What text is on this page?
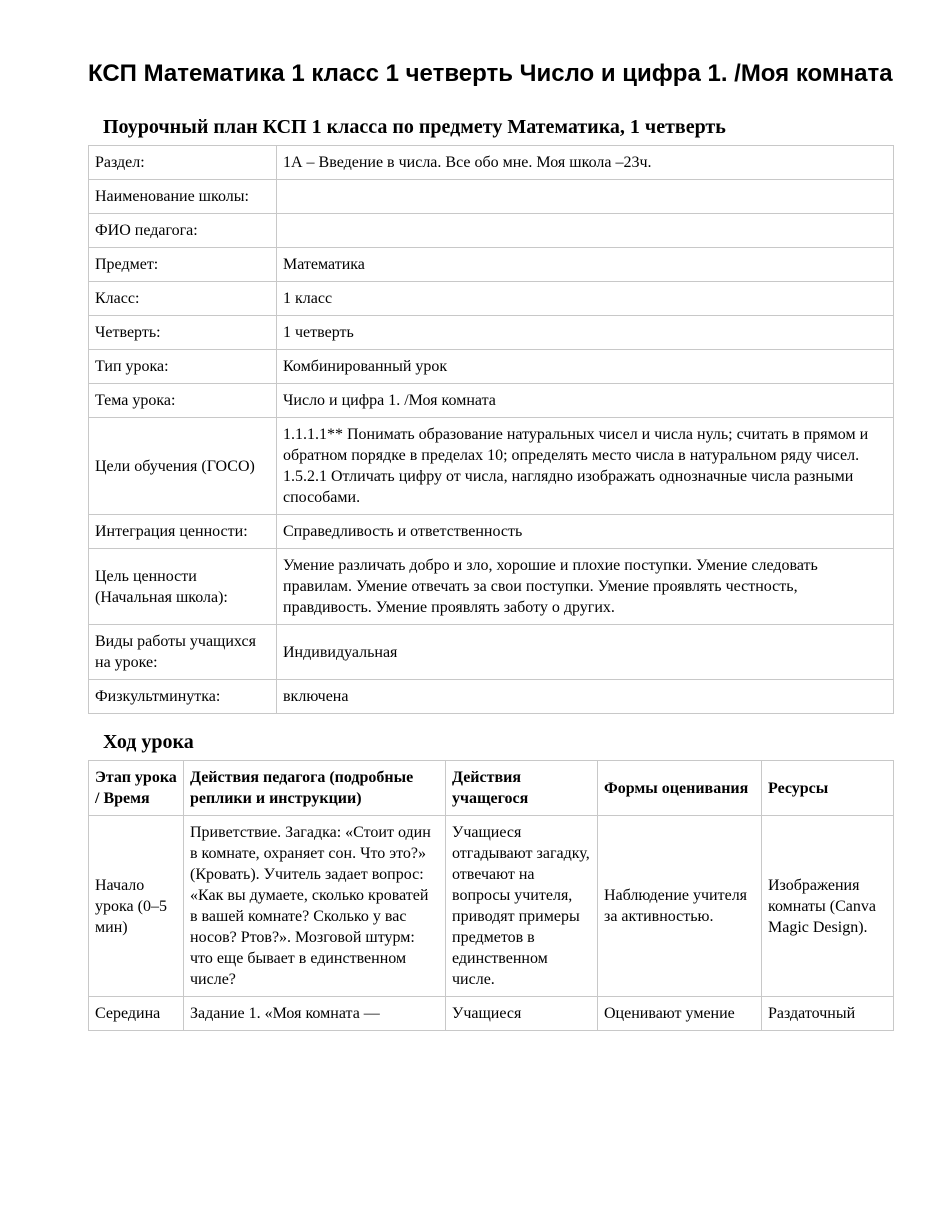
КСП Математика 1 класс 1 четверть Число и цифра 1. /Моя комната
Поурочный план КСП 1 класса по предмету Математика, 1 четверть
Раздел:	1А – Введение в числа. Все обо мне. Моя школа –23ч.
Наименование школы:	
ФИО педагога:	
Предмет:	Математика
Класс:	1 класс
Четверть:	1 четверть
Тип урока:	Комбинированный урок
Тема урока:	Число и цифра 1. /Моя комната
Цели обучения (ГОСО)	1.1.1.1** Понимать образование натуральных чисел и числа нуль; считать в прямом и обратном порядке в пределах 10; определять место числа в натуральном ряду чисел. 1.5.2.1 Отличать цифру от числа, наглядно изображать однозначные числа разными способами.
Интеграция ценности:	Справедливость и ответственность
Цель ценности (Начальная школа):	Умение различать добро и зло, хорошие и плохие поступки. Умение следовать правилам. Умение отвечать за свои поступки. Умение проявлять честность, правдивость. Умение проявлять заботу о других.
Виды работы учащихся на уроке:	Индивидуальная
Физкультминутка:	включена
Ход урока
Этап урока / Время	Действия педагога (подробные реплики и инструкции)	Действия учащегося	Формы оценивания	Ресурсы
Начало урока (0–5 мин)	Приветствие. Загадка: «Стоит один в комнате, охраняет сон. Что это?» (Кровать). Учитель задает вопрос: «Как вы думаете, сколько кроватей в вашей комнате? Сколько у вас носов? Ртов?». Мозговой штурм: что еще бывает в единственном числе?	Учащиеся отгадывают загадку, отвечают на вопросы учителя, приводят примеры предметов в единственном числе.	Наблюдение учителя за активностью.	Изображения комнаты (Canva Magic Design).
Середина	Задание 1. «Моя комната —	Учащиеся	Оценивают умение	Раздаточный
